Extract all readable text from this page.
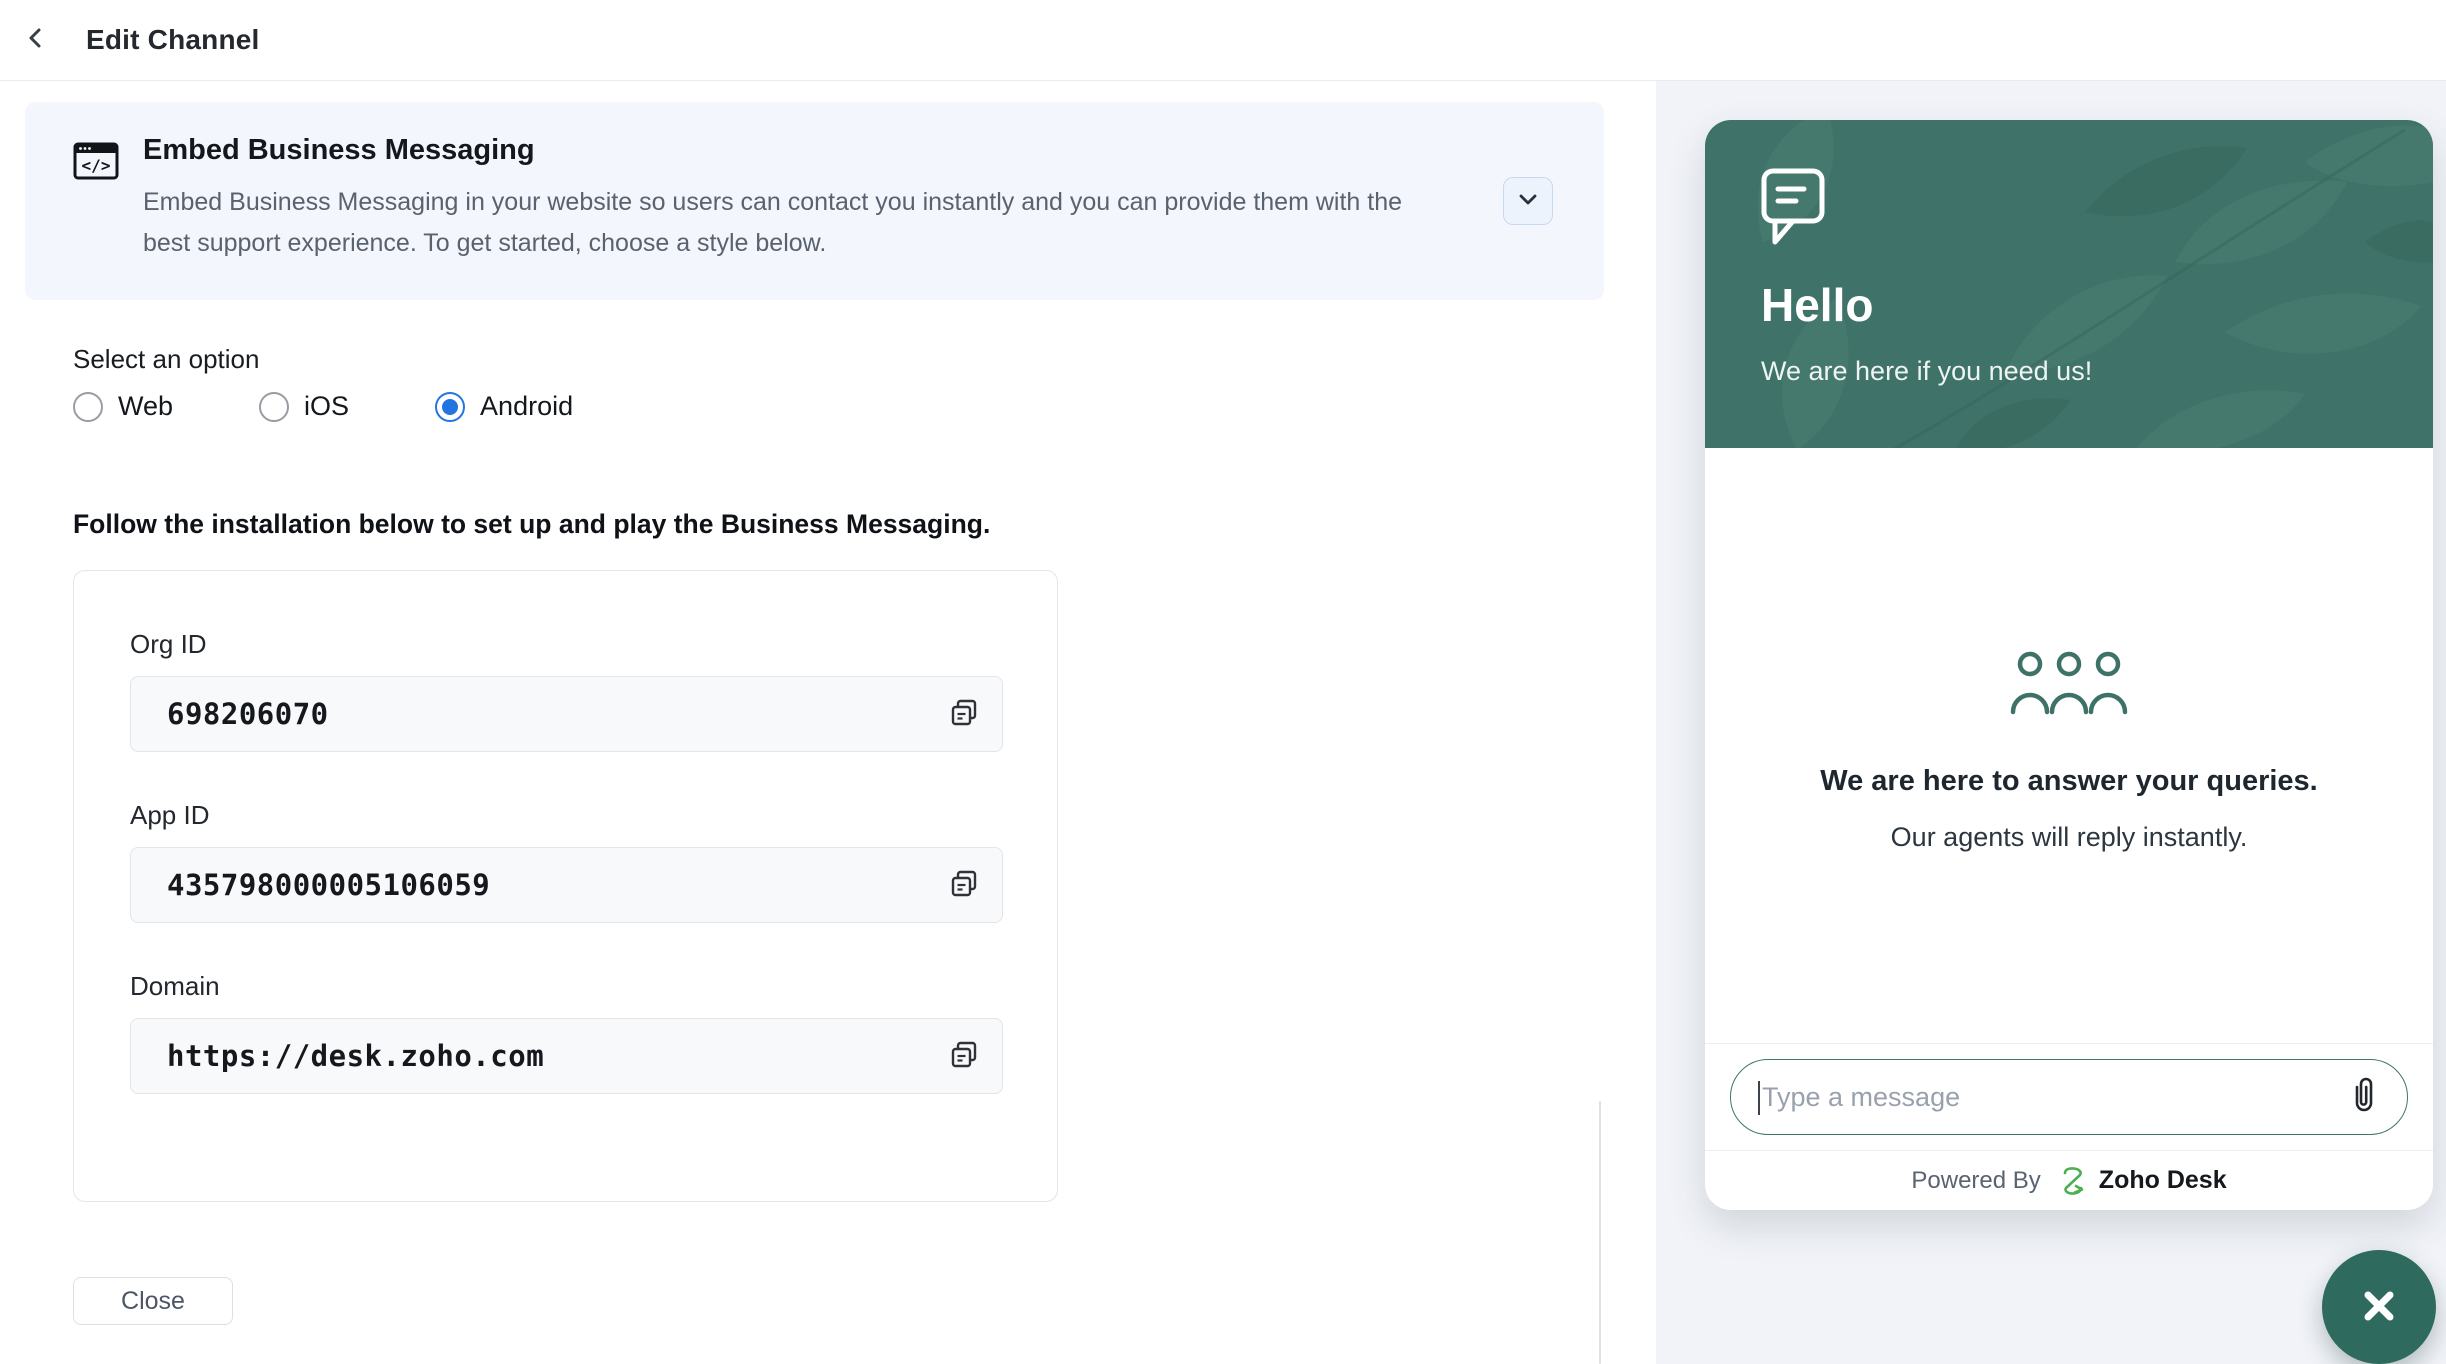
Edit Channel
</> Embed Business Messaging
Embed Business Messaging in your website so users can contact you instantly and you can provide them with the best support experience. To get started, choose a style below.
Select an option
Web	iOS	Android
Follow the installation below to set up and play the Business Messaging.
Org ID
698206070
App ID
435798000005106059
Domain
https://desk.zoho.com
Close
Hello
We are here if you need us!
We are here to answer your queries.
Our agents will reply instantly.
Type a message
Powered By Zoho Desk
